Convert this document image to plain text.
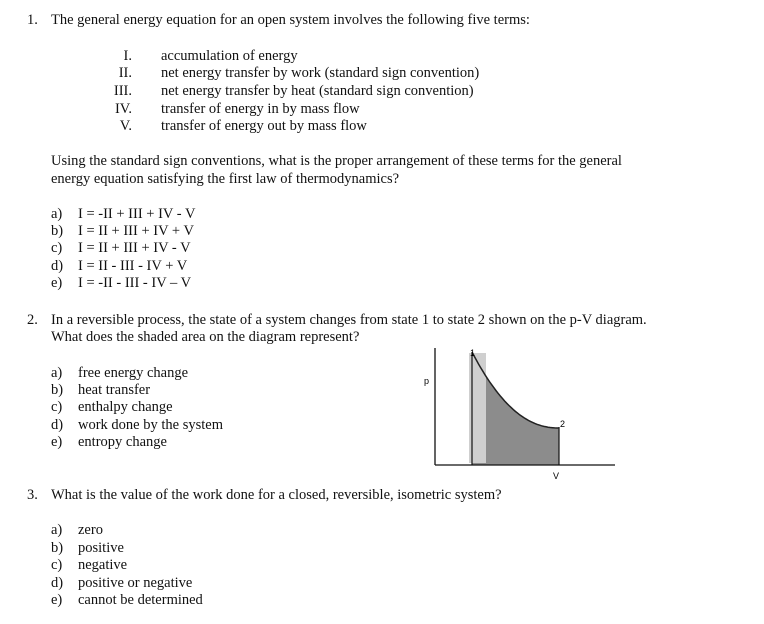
1. The general energy equation for an open system involves the following five terms:
I. accumulation of energy
II. net energy transfer by work (standard sign convention)
III. net energy transfer by heat (standard sign convention)
IV. transfer of energy in by mass flow
V. transfer of energy out by mass flow
Using the standard sign conventions, what is the proper arrangement of these terms for the general
energy equation satisfying the first law of thermodynamics?
a) I = -II + III + IV - V
b) I = II + III + IV + V
c) I = II + III + IV - V
d) I = II - III - IV + V
e) I = -II - III - IV – V
2. In a reversible process, the state of a system changes from state 1 to state 2 shown on the p-V diagram.
What does the shaded area on the diagram represent?
a) free energy change
b) heat transfer
c) enthalpy change
d) work done by the system
e) entropy change
p
V
1
2
3. What is the value of the work done for a closed, reversible, isometric system?
a) zero
b) positive
c) negative
d) positive or negative
e) cannot be determined
